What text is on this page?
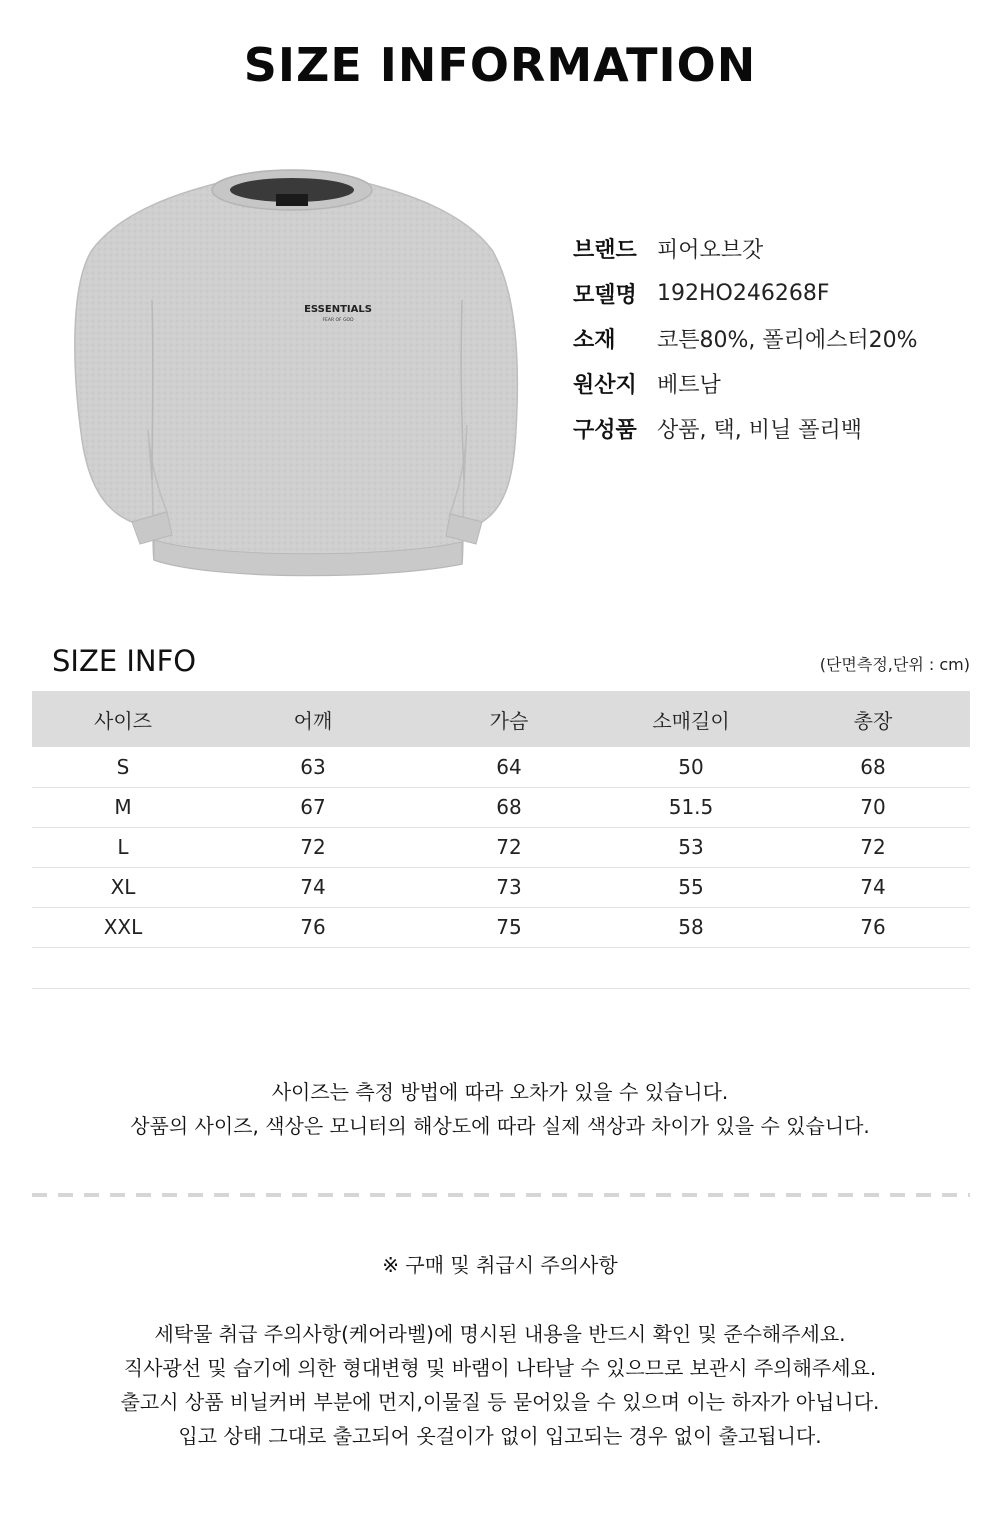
SIZE INFORMATION
ESSENTIALS
FEAR OF GOD
브랜드 피어오브갓
모델명 192HO246268F
소재	코튼80%, 폴리에스터20%
원산지 베트남
구성품 상품, 택, 비닐 폴리백
SIZE INFO	(단면측정,단위 : cm)
사이즈	어깨	가슴	소매길이	총장
S	63	64	50	68
M	67	68	51.5	70
L	72	72	53	72
XL	74	73	55	74
XXL	76	75	58	76

사이즈는 측정 방법에 따라 오차가 있을 수 있습니다.
상품의 사이즈, 색상은 모니터의 해상도에 따라 실제 색상과 차이가 있을 수 있습니다.
※ 구매 및 취급시 주의사항
세탁물 취급 주의사항(케어라벨)에 명시된 내용을 반드시 확인 및 준수해주세요.
직사광선 및 습기에 의한 형대변형 및 바램이 나타날 수 있으므로 보관시 주의해주세요.
출고시 상품 비닐커버 부분에 먼지,이물질 등 묻어있을 수 있으며 이는 하자가 아닙니다.
입고 상태 그대로 출고되어 옷걸이가 없이 입고되는 경우 없이 출고됩니다.
